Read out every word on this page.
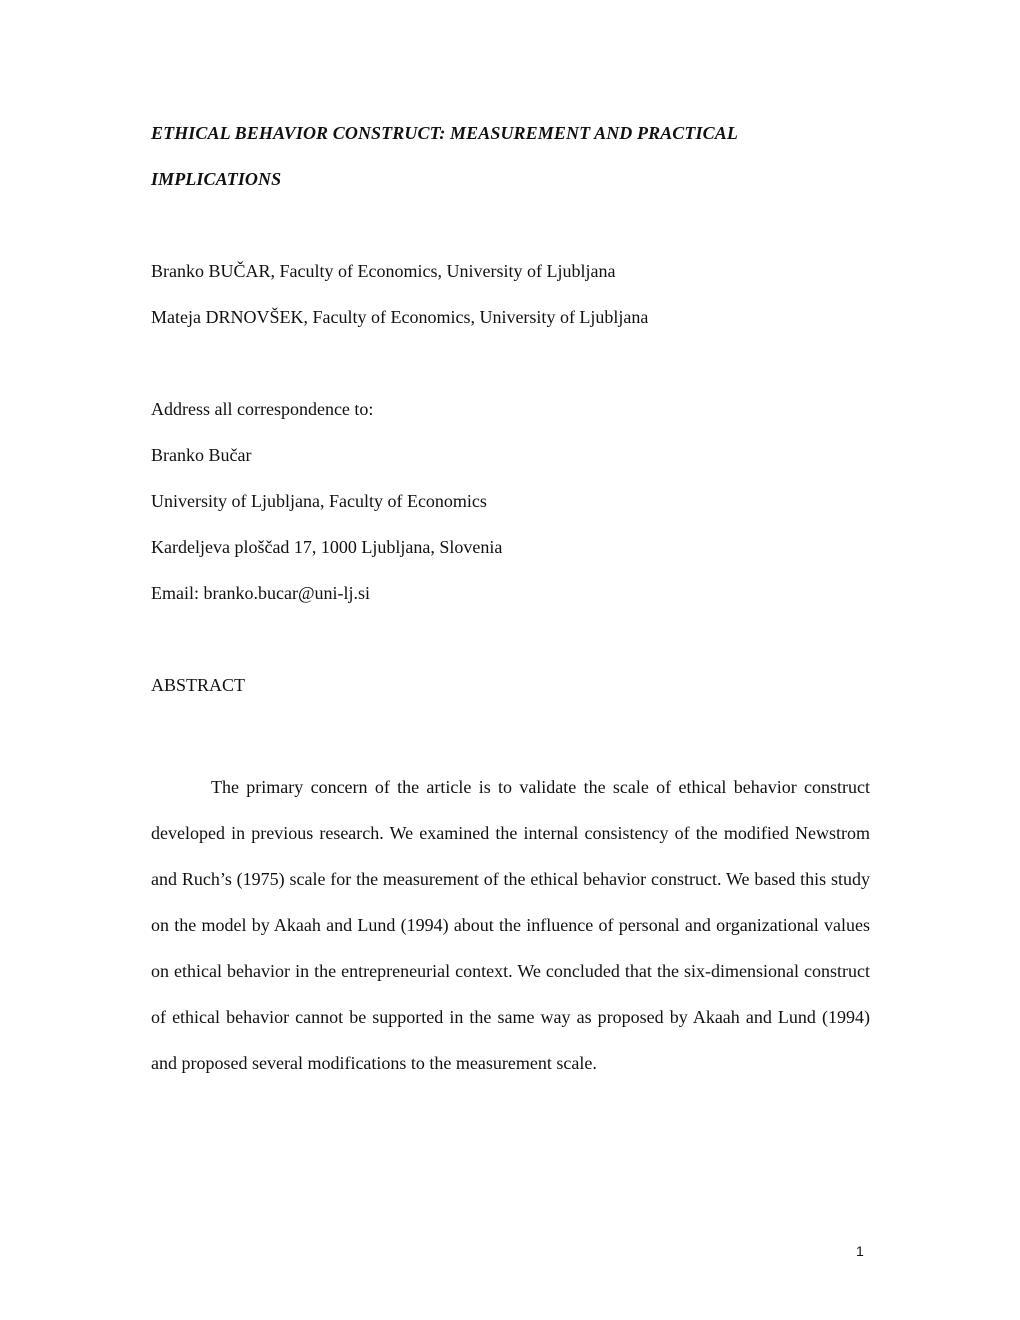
ETHICAL BEHAVIOR CONSTRUCT: MEASUREMENT AND PRACTICAL
IMPLICATIONS
Branko BUČAR, Faculty of Economics, University of Ljubljana
Mateja DRNOVŠEK, Faculty of Economics, University of Ljubljana
Address all correspondence to:
Branko Bučar
University of Ljubljana, Faculty of Economics
Kardeljeva ploščad 17, 1000 Ljubljana, Slovenia
Email: branko.bucar@uni-lj.si
ABSTRACT

The primary concern of the article is to validate the scale of ethical behavior construct developed in previous research. We examined the internal consistency of the modified Newstrom and Ruch’s (1975) scale for the measurement of the ethical behavior construct. We based this study on the model by Akaah and Lund (1994) about the influence of personal and organizational values on ethical behavior in the entrepreneurial context. We concluded that the six-dimensional construct of ethical behavior cannot be supported in the same way as proposed by Akaah and Lund (1994) and proposed several modifications to the measurement scale.

1
